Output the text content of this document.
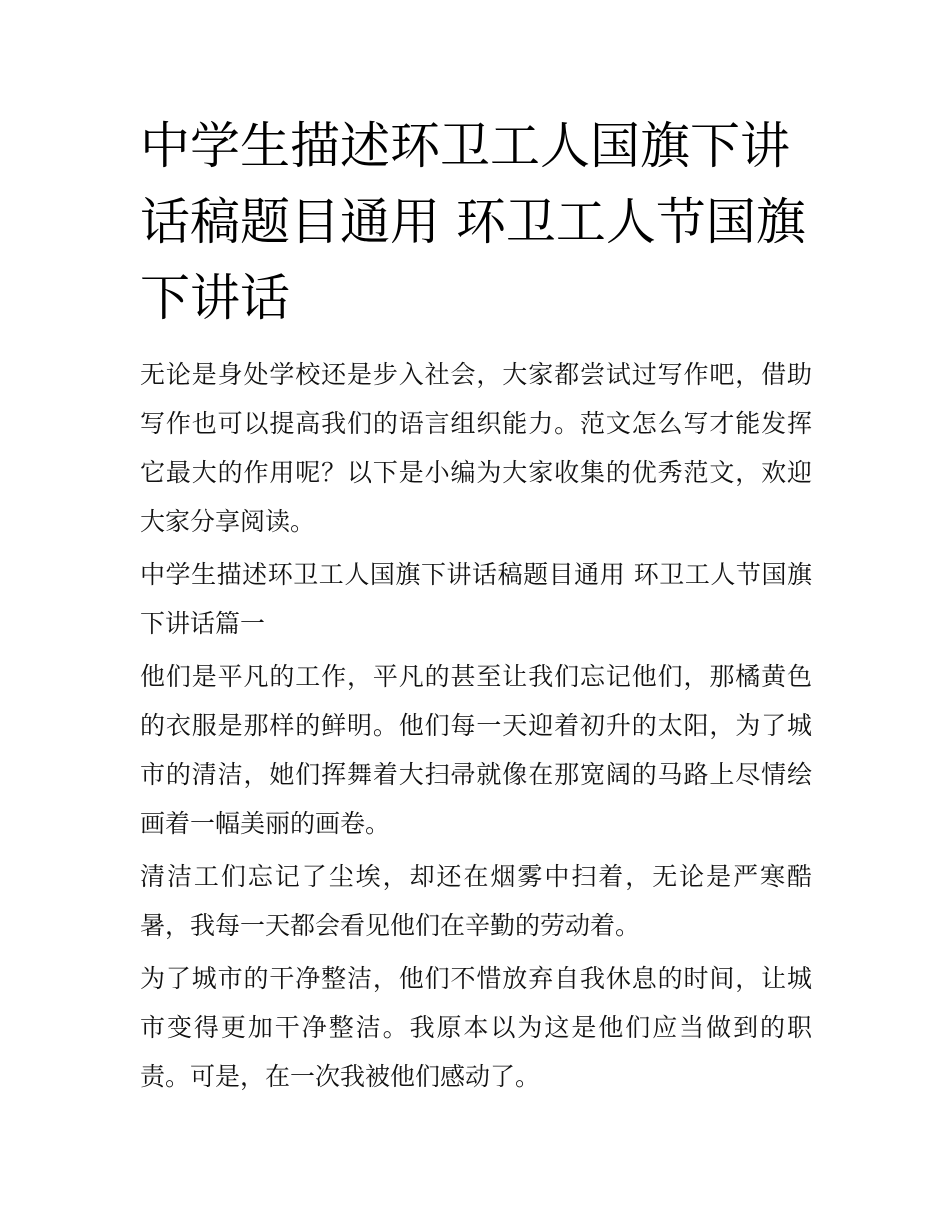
中学生描述环卫工人国旗下讲话稿题目通用 环卫工人节国旗下讲话

无论是身处学校还是步入社会，大家都尝试过写作吧，借助写作也可以提高我们的语言组织能力。范文怎么写才能发挥它最大的作用呢？以下是小编为大家收集的优秀范文，欢迎大家分享阅读。

中学生描述环卫工人国旗下讲话稿题目通用 环卫工人节国旗下讲话篇一

他们是平凡的工作，平凡的甚至让我们忘记他们，那橘黄色的衣服是那样的鲜明。他们每一天迎着初升的太阳，为了城市的清洁，她们挥舞着大扫帚就像在那宽阔的马路上尽情绘画着一幅美丽的画卷。

清洁工们忘记了尘埃，却还在烟雾中扫着，无论是严寒酷暑，我每一天都会看见他们在辛勤的劳动着。

为了城市的干净整洁，他们不惜放弃自我休息的时间，让城市变得更加干净整洁。我原本以为这是他们应当做到的职责。可是，在一次我被他们感动了。
